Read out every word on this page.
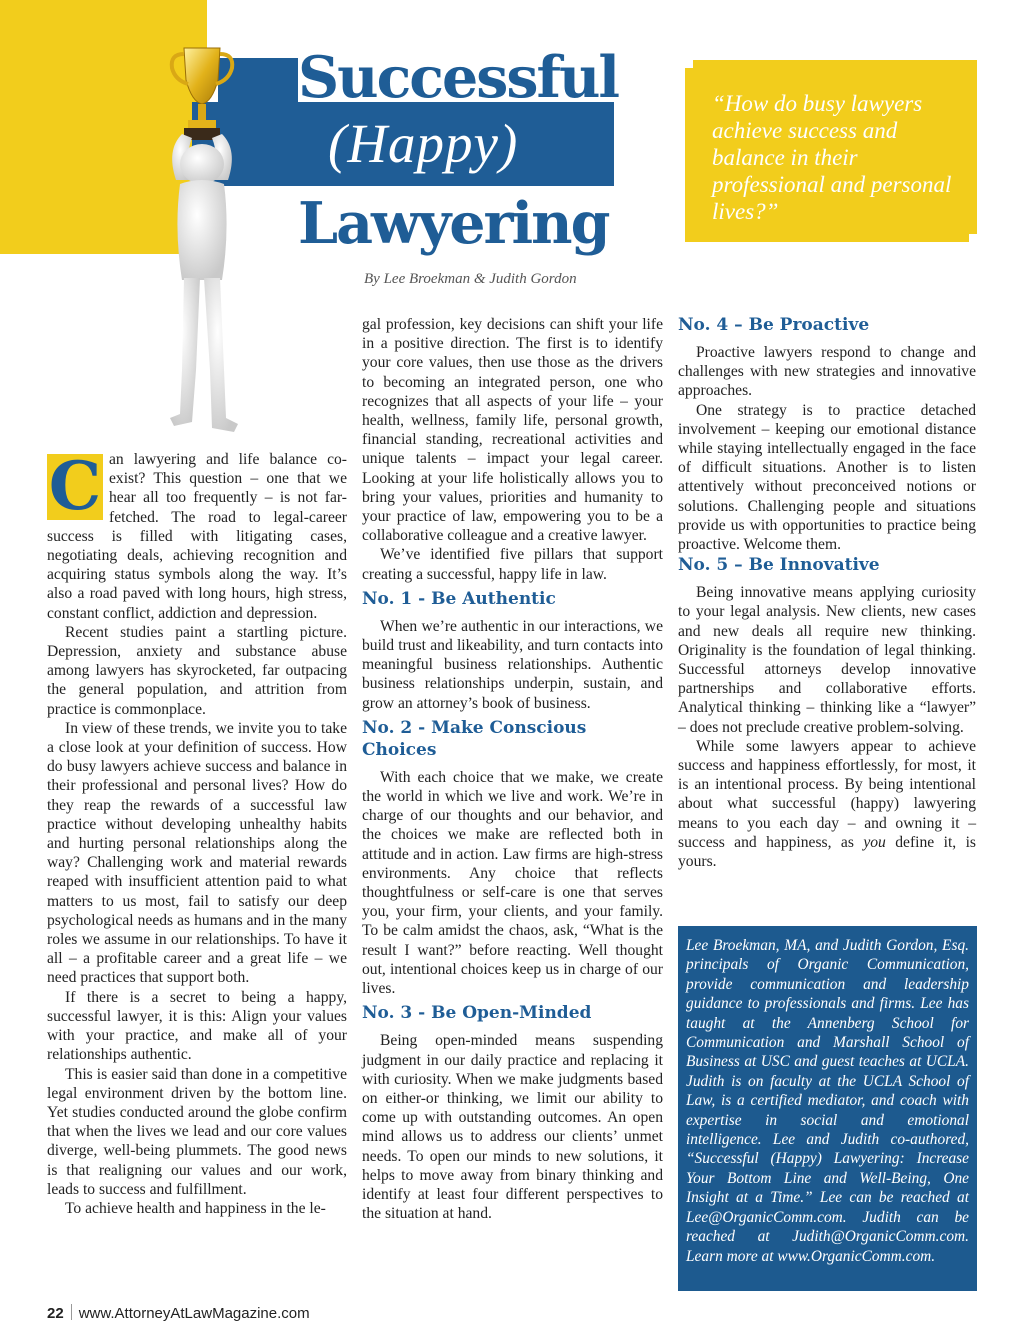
Successful
(Happy)
Lawyering
By Lee Broekman & Judith Gordon
“How do busy lawyers achieve success and balance in their professional and personal lives?”

C an lawyering and life balance co-exist? This question – one that we hear all too frequently – is not far-fetched. The road to legal-career success is filled with litigating cases, negotiating deals, achieving recognition and acquiring status symbols along the way. It’s also a road paved with long hours, high stress, constant conflict, addiction and depression.

Recent studies paint a startling picture. Depression, anxiety and substance abuse among lawyers has skyrocketed, far outpacing the general population, and attrition from practice is commonplace.

In view of these trends, we invite you to take a close look at your definition of success. How do busy lawyers achieve success and balance in their professional and personal lives? How do they reap the rewards of a successful law practice without developing unhealthy habits and hurting personal relationships along the way? Challenging work and material rewards reaped with insufficient attention paid to what matters to us most, fail to satisfy our deep psychological needs as humans and in the many roles we assume in our relationships. To have it all – a profitable career and a great life – we need practices that support both.

If there is a secret to being a happy, successful lawyer, it is this: Align your values with your practice, and make all of your relationships authentic.

This is easier said than done in a competitive legal environment driven by the bottom line. Yet studies conducted around the globe confirm that when the lives we lead and our core values diverge, well-being plummets. The good news is that realigning our values and our work, leads to success and fulfillment.

To achieve health and happiness in the le-

gal profession, key decisions can shift your life in a positive direction. The first is to identify your core values, then use those as the drivers to becoming an integrated person, one who recognizes that all aspects of your life – your health, wellness, family life, personal growth, financial standing, recreational activities and unique talents – impact your legal career. Looking at your life holistically allows you to bring your values, priorities and humanity to your practice of law, empowering you to be a collaborative colleague and a creative lawyer.

We’ve identified five pillars that support creating a successful, happy life in law.

No. 1 - Be Authentic

When we’re authentic in our interactions, we build trust and likeability, and turn contacts into meaningful business relationships. Authentic business relationships underpin, sustain, and grow an attorney’s book of business.

No. 2 - Make Conscious Choices

With each choice that we make, we create the world in which we live and work. We’re in charge of our thoughts and our behavior, and the choices we make are reflected both in attitude and in action. Law firms are high-stress environments. Any choice that reflects thoughtfulness or self-care is one that serves you, your firm, your clients, and your family. To be calm amidst the chaos, ask, “What is the result I want?” before reacting. Well thought out, intentional choices keep us in charge of our lives.

No. 3 - Be Open-Minded

Being open-minded means suspending judgment in our daily practice and replacing it with curiosity. When we make judgments based on either-or thinking, we limit our ability to come up with outstanding outcomes. An open mind allows us to address our clients’ unmet needs. To open our minds to new solutions, it helps to move away from binary thinking and identify at least four different perspectives to the situation at hand.

No. 4 – Be Proactive

Proactive lawyers respond to change and challenges with new strategies and innovative approaches.

One strategy is to practice detached involvement – keeping our emotional distance while staying intellectually engaged in the face of difficult situations. Another is to listen attentively without preconceived notions or solutions. Challenging people and situations provide us with opportunities to practice being proactive. Welcome them.

No. 5 – Be Innovative

Being innovative means applying curiosity to your legal analysis. New clients, new cases and new deals all require new thinking. Originality is the foundation of legal thinking. Successful attorneys develop innovative partnerships and collaborative efforts. Analytical thinking – thinking like a “lawyer” – does not preclude creative problem-solving.

While some lawyers appear to achieve success and happiness effortlessly, for most, it is an intentional process. By being intentional about what successful (happy) lawyering means to you each day – and owning it – success and happiness, as you define it, is yours.

Lee Broekman, MA, and Judith Gordon, Esq. principals of Organic Communication, provide communication and leadership guidance to professionals and firms. Lee has taught at the Annenberg School for Communication and Marshall School of Business at USC and guest teaches at UCLA. Judith is on faculty at the UCLA School of Law, is a certified mediator, and coach with expertise in social and emotional intelligence. Lee and Judith co-authored, “Successful (Happy) Lawyering: Increase Your Bottom Line and Well-Being, One Insight at a Time.” Lee can be reached at Lee@OrganicComm.com. Judith can be reached at Judith@OrganicComm.com. Learn more at www.OrganicComm.com.

22 www.AttorneyAtLawMagazine.com
